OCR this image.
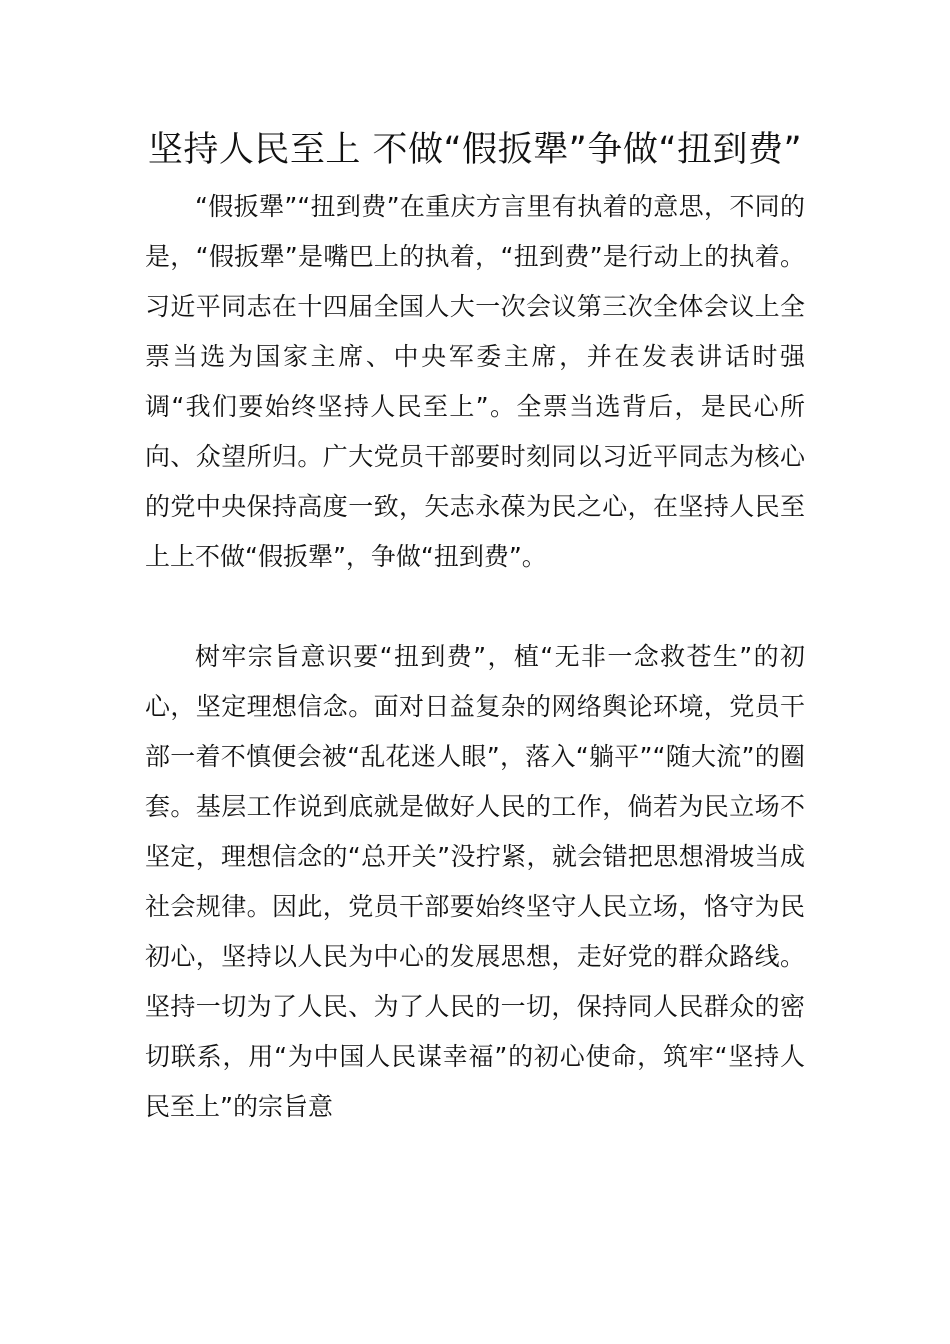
坚持人民至上 不做“假扳犟”争做“扭到费”

“假扳犟”“扭到费”在重庆方言里有执着的意思，不同的是，“假扳犟”是嘴巴上的执着，“扭到费”是行动上的执着。习近平同志在十四届全国人大一次会议第三次全体会议上全票当选为国家主席、中央军委主席，并在发表讲话时强调“我们要始终坚持人民至上”。全票当选背后，是民心所向、众望所归。广大党员干部要时刻同以习近平同志为核心的党中央保持高度一致，矢志永葆为民之心，在坚持人民至上上不做“假扳犟”，争做“扭到费”。

树牢宗旨意识要“扭到费”，植“无非一念救苍生”的初心，坚定理想信念。面对日益复杂的网络舆论环境，党员干部一着不慎便会被“乱花迷人眼”，落入“躺平”“随大流”的圈套。基层工作说到底就是做好人民的工作，倘若为民立场不坚定，理想信念的“总开关”没拧紧，就会错把思想滑坡当成社会规律。因此，党员干部要始终坚守人民立场，恪守为民初心，坚持以人民为中心的发展思想，走好党的群众路线。坚持一切为了人民、为了人民的一切，保持同人民群众的密切联系，用“为中国人民谋幸福”的初心使命，筑牢“坚持人民至上”的宗旨意
